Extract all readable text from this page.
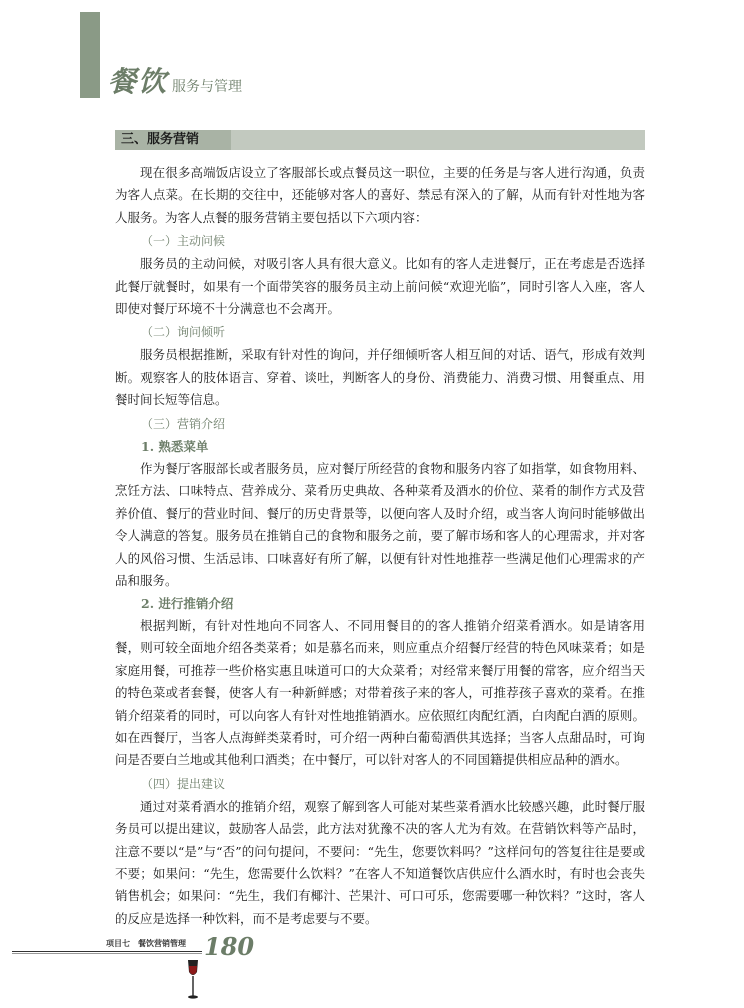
餐饮 服务与管理
三、服务营销

现在很多高端饭店设立了客服部长或点餐员这一职位，主要的任务是与客人进行沟通，负责为客人点菜。在长期的交往中，还能够对客人的喜好、禁忌有深入的了解，从而有针对性地为客人服务。为客人点餐的服务营销主要包括以下六项内容：

（一）主动问候

服务员的主动问候，对吸引客人具有很大意义。比如有的客人走进餐厅，正在考虑是否选择此餐厅就餐时，如果有一个面带笑容的服务员主动上前问候“欢迎光临”，同时引客人入座，客人即使对餐厅环境不十分满意也不会离开。

（二）询问倾听

服务员根据推断，采取有针对性的询问，并仔细倾听客人相互间的对话、语气，形成有效判断。观察客人的肢体语言、穿着、谈吐，判断客人的身份、消费能力、消费习惯、用餐重点、用餐时间长短等信息。

（三）营销介绍
1. 熟悉菜单

作为餐厅客服部长或者服务员，应对餐厅所经营的食物和服务内容了如指掌，如食物用料、烹饪方法、口味特点、营养成分、菜肴历史典故、各种菜肴及酒水的价位、菜肴的制作方式及营养价值、餐厅的营业时间、餐厅的历史背景等，以便向客人及时介绍，或当客人询问时能够做出令人满意的答复。服务员在推销自己的食物和服务之前，要了解市场和客人的心理需求，并对客人的风俗习惯、生活忌讳、口味喜好有所了解，以便有针对性地推荐一些满足他们心理需求的产品和服务。

2. 进行推销介绍

根据判断，有针对性地向不同客人、不同用餐目的的客人推销介绍菜肴酒水。如是请客用餐，则可较全面地介绍各类菜肴；如是慕名而来，则应重点介绍餐厅经营的特色风味菜肴；如是家庭用餐，可推荐一些价格实惠且味道可口的大众菜肴；对经常来餐厅用餐的常客，应介绍当天的特色菜或者套餐，使客人有一种新鲜感；对带着孩子来的客人，可推荐孩子喜欢的菜肴。在推销介绍菜肴的同时，可以向客人有针对性地推销酒水。应依照红肉配红酒，白肉配白酒的原则。如在西餐厅，当客人点海鲜类菜肴时，可介绍一两种白葡萄酒供其选择；当客人点甜品时，可询问是否要白兰地或其他利口酒类；在中餐厅，可以针对客人的不同国籍提供相应品种的酒水。

（四）提出建议

通过对菜肴酒水的推销介绍，观察了解到客人可能对某些菜肴酒水比较感兴趣，此时餐厅服务员可以提出建议，鼓励客人品尝，此方法对犹豫不决的客人尤为有效。在营销饮料等产品时，注意不要以“是”与“否”的问句提问，不要问：“先生，您要饮料吗？”这样问句的答复往往是要或不要；如果问：“先生，您需要什么饮料？”在客人不知道餐饮店供应什么酒水时，有时也会丧失销售机会；如果问：“先生，我们有椰汁、芒果汁、可口可乐，您需要哪一种饮料？”这时，客人的反应是选择一种饮料，而不是考虑要与不要。

项目七　餐饮营销管理 180
